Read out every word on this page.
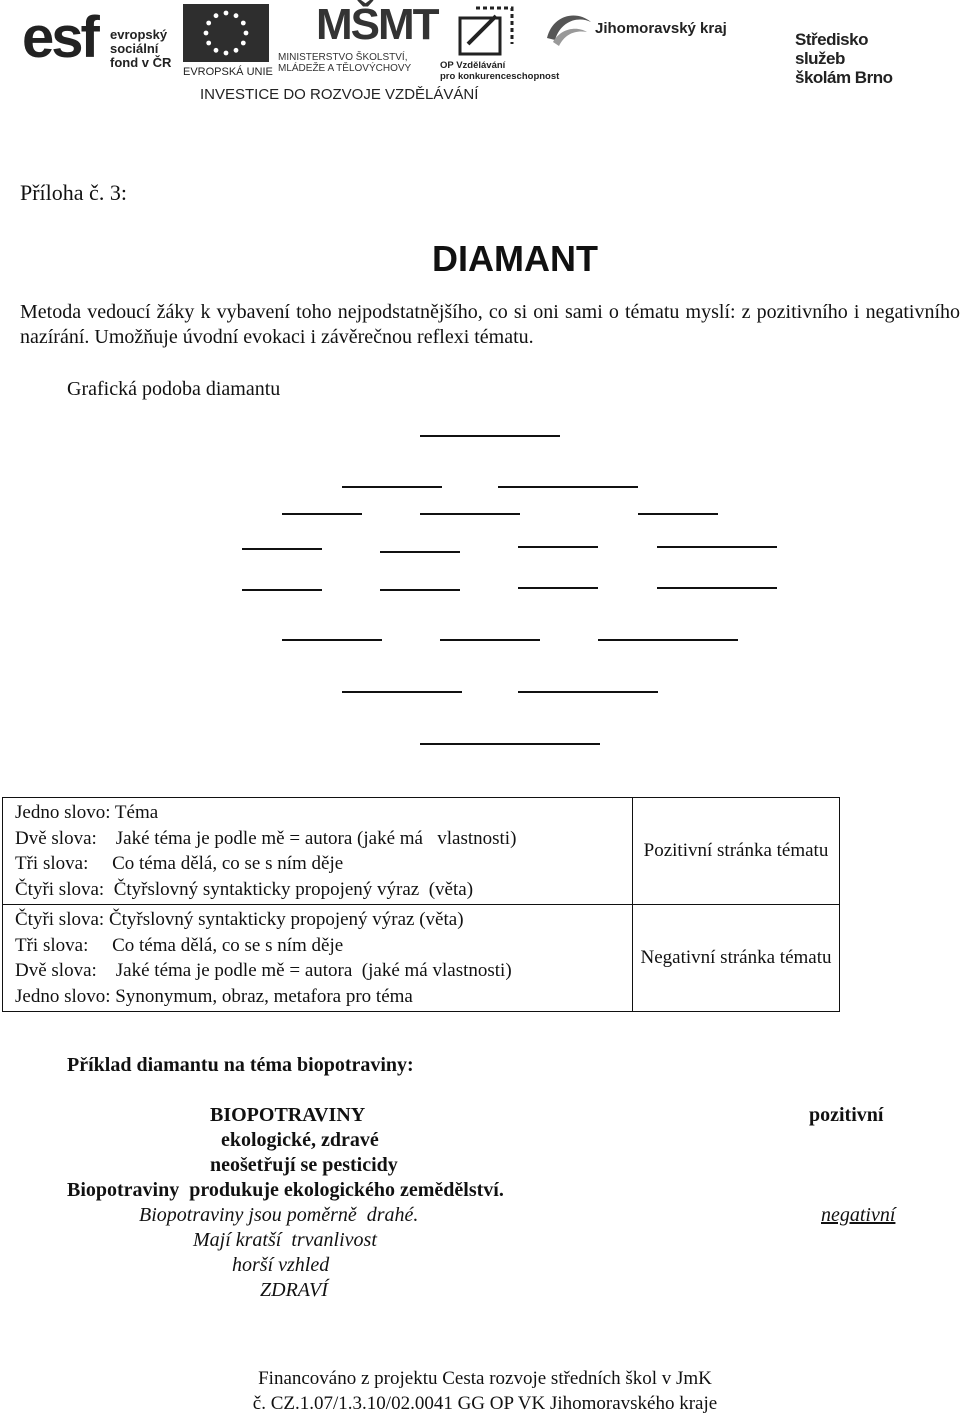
esf evropský
sociální
fond v ČR
EVROPSKÁ UNIE
MŠMT
MINISTERSTVO ŠKOLSTVÍ,
MLÁDEŽE A TĚLOVÝCHOVY	OP Vzdělávání
pro konkurenceschopnost
Jihomoravský kraj
Středisko služeb
školám Brno
INVESTICE DO ROZVOJE VZDĚLÁVÁNÍ
Příloha č. 3:
DIAMANT
Metoda vedoucí žáky k vybavení toho nejpodstatnějšího, co si oni sami o tématu myslí: z pozitivního i negativního nazírání. Umožňuje úvodní evokaci i závěrečnou reflexi tématu.
Grafická podoba diamantu
Jedno slovo: Téma
Dvě slova:    Jaké téma je podle mě = autora (jaké má   vlastnosti)
Tři slova:     Co téma dělá, co se s ním děje
Čtyři slova:  Čtyřslovný syntakticky propojený výraz  (věta)	Pozitivní stránka tématu

Čtyři slova: Čtyřslovný syntakticky propojený výraz (věta)
Tři slova:     Co téma dělá, co se s ním děje
Dvě slova:    Jaké téma je podle mě = autora  (jaké má vlastnosti)
Jedno slovo: Synonymum, obraz, metafora pro téma	Negativní stránka tématu
Příklad diamantu na téma biopotraviny:
BIOPOTRAVINY
ekologické, zdravé
neošetřují se pesticidy
Biopotraviny  produkuje ekologického zemědělství.
Biopotraviny jsou poměrně  drahé.
Mají kratší  trvanlivost
horší vzhled
ZDRAVÍ
pozitivní
negativní
Financováno z projektu Cesta rozvoje středních škol v JmK
č. CZ.1.07/1.3.10/02.0041 GG OP VK Jihomoravského kraje
